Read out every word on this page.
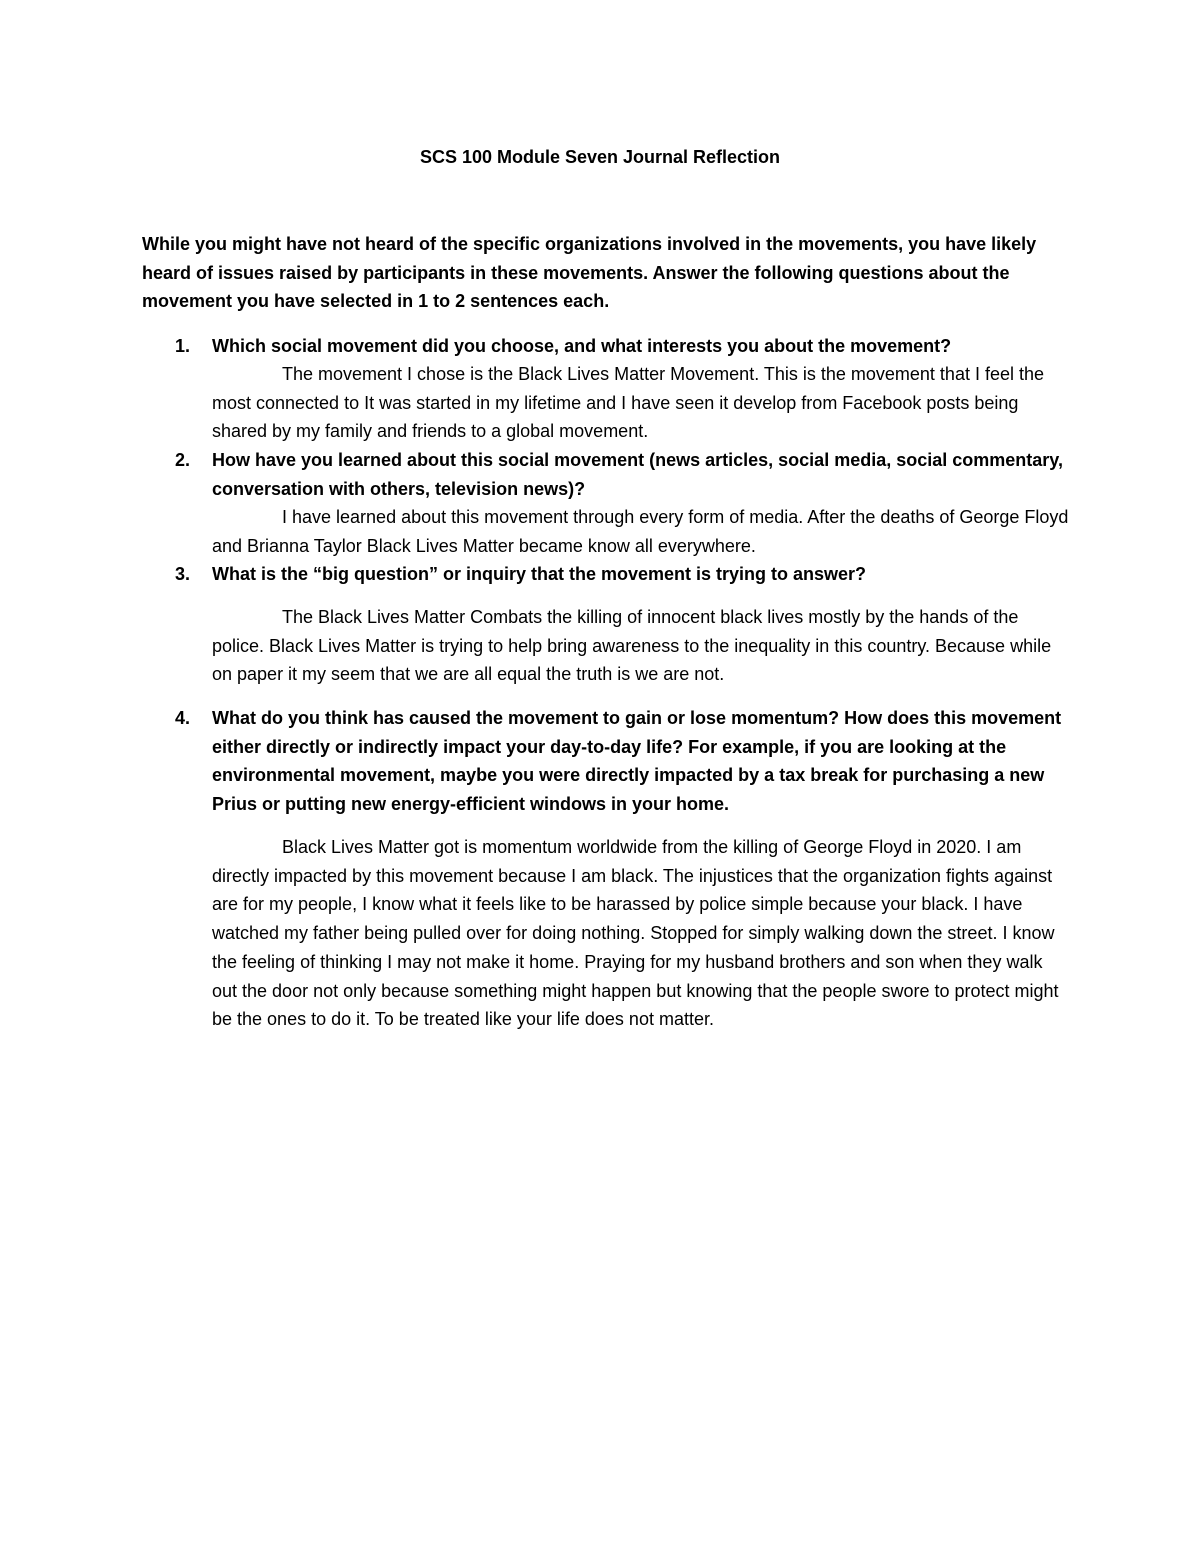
SCS 100 Module Seven Journal Reflection
While you might have not heard of the specific organizations involved in the movements, you have likely heard of issues raised by participants in these movements. Answer the following questions about the movement you have selected in 1 to 2 sentences each.
1. Which social movement did you choose, and what interests you about the movement?

The movement I chose is the Black Lives Matter Movement. This is the movement that I feel the most connected to It was started in my lifetime and I have seen it develop from Facebook posts being shared by my family and friends to a global movement.

2. How have you learned about this social movement (news articles, social media, social commentary, conversation with others, television news)?

I have learned about this movement through every form of media. After the deaths of George Floyd and Brianna Taylor Black Lives Matter became know all everywhere.

3. What is the “big question” or inquiry that the movement is trying to answer?

The Black Lives Matter Combats the killing of innocent black lives mostly by the hands of the police. Black Lives Matter is trying to help bring awareness to the inequality in this country. Because while on paper it my seem that we are all equal the truth is we are not.

4. What do you think has caused the movement to gain or lose momentum? How does this movement either directly or indirectly impact your day-to-day life? For example, if you are looking at the environmental movement, maybe you were directly impacted by a tax break for purchasing a new Prius or putting new energy-efficient windows in your home.

Black Lives Matter got is momentum worldwide from the killing of George Floyd in 2020. I am directly impacted by this movement because I am black. The injustices that the organization fights against are for my people, I know what it feels like to be harassed by police simple because your black. I have watched my father being pulled over for doing nothing. Stopped for simply walking down the street. I know the feeling of thinking I may not make it home. Praying for my husband brothers and son when they walk out the door not only because something might happen but knowing that the people swore to protect might be the ones to do it. To be treated like your life does not matter.
